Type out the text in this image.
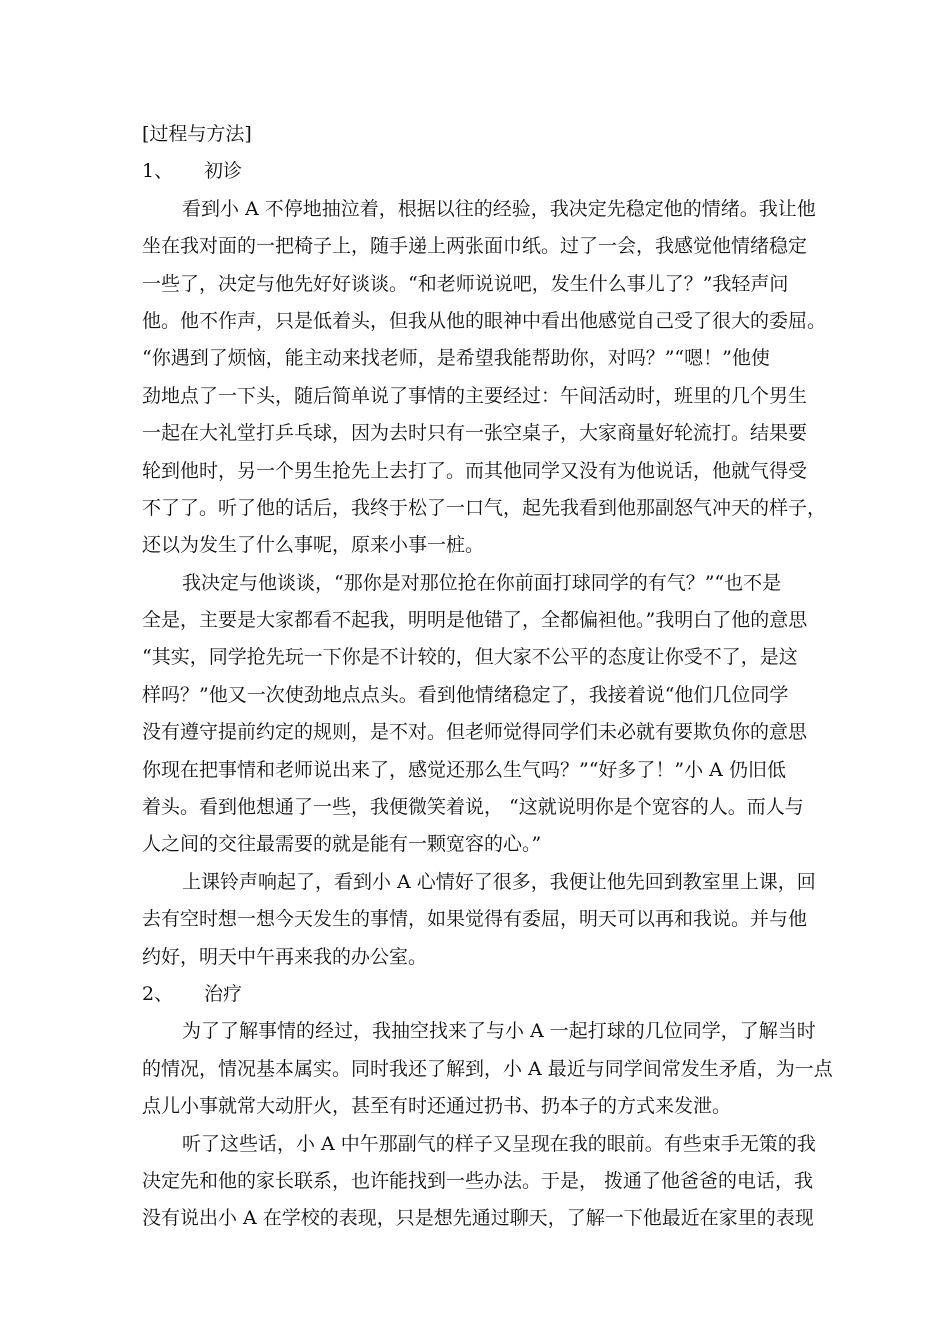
[过程与方法]
1、 初诊
看到小 A 不停地抽泣着，根据以往的经验，我决定先稳定他的情绪。我让他
坐在我对面的一把椅子上，随手递上两张面巾纸。过了一会，我感觉他情绪稳定
一些了，决定与他先好好谈谈。“和老师说说吧，发生什么事儿了？”我轻声问
他。他不作声，只是低着头，但我从他的眼神中看出他感觉自己受了很大的委屈。
“你遇到了烦恼，能主动来找老师，是希望我能帮助你，对吗？”“嗯！”他使
劲地点了一下头，随后简单说了事情的主要经过：午间活动时，班里的几个男生
一起在大礼堂打乒乓球，因为去时只有一张空桌子，大家商量好轮流打。结果要
轮到他时，另一个男生抢先上去打了。而其他同学又没有为他说话，他就气得受
不了了。听了他的话后，我终于松了一口气，起先我看到他那副怒气冲天的样子，
还以为发生了什么事呢，原来小事一桩。
我决定与他谈谈，“那你是对那位抢在你前面打球同学的有气？”“也不是
全是，主要是大家都看不起我，明明是他错了，全都偏袒他。”我明白了他的意思
“其实，同学抢先玩一下你是不计较的，但大家不公平的态度让你受不了，是这
样吗？”他又一次使劲地点点头。看到他情绪稳定了，我接着说“他们几位同学
没有遵守提前约定的规则，是不对。但老师觉得同学们未必就有要欺负你的意思
你现在把事情和老师说出来了，感觉还那么生气吗？”“好多了！”小 A 仍旧低
着头。看到他想通了一些，我便微笑着说， “这就说明你是个宽容的人。而人与
人之间的交往最需要的就是能有一颗宽容的心。”
上课铃声响起了，看到小 A 心情好了很多，我便让他先回到教室里上课，回
去有空时想一想今天发生的事情，如果觉得有委屈，明天可以再和我说。并与他
约好，明天中午再来我的办公室。
2、 治疗
为了了解事情的经过，我抽空找来了与小 A 一起打球的几位同学，了解当时
的情况，情况基本属实。同时我还了解到，小 A 最近与同学间常发生矛盾，为一点
点儿小事就常大动肝火，甚至有时还通过扔书、扔本子的方式来发泄。
听了这些话，小 A 中午那副气的样子又呈现在我的眼前。有些束手无策的我
决定先和他的家长联系，也许能找到一些办法。于是， 拨通了他爸爸的电话，我
没有说出小 A 在学校的表现，只是想先通过聊天，了解一下他最近在家里的表现
